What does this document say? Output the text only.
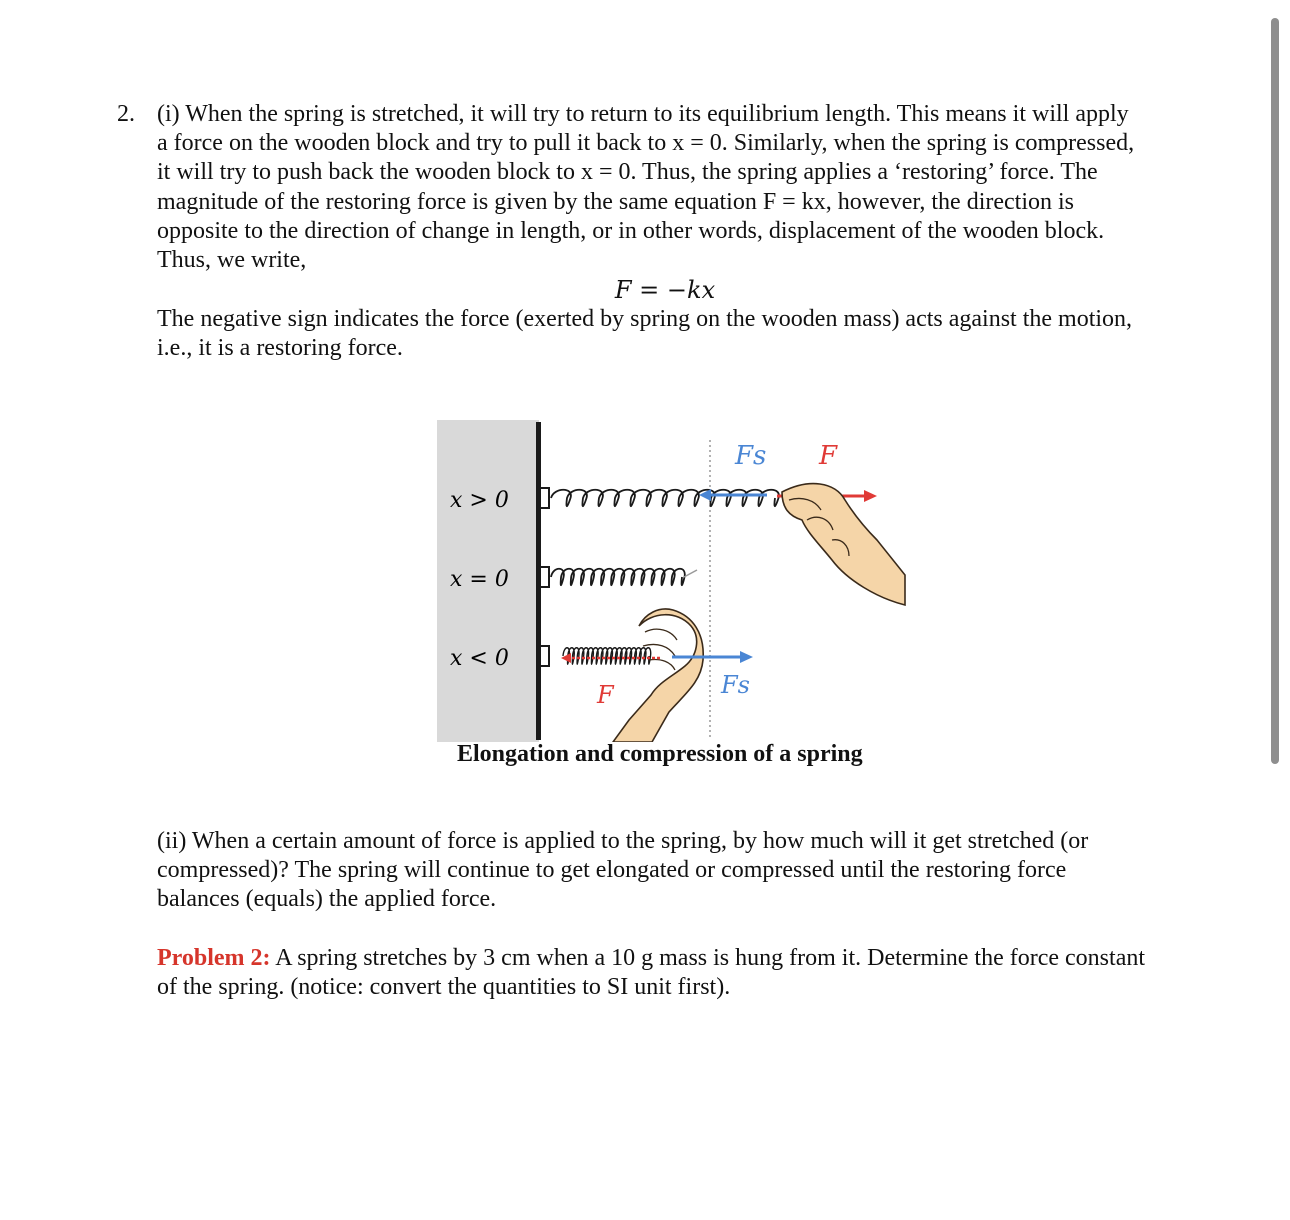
2. (i) When the spring is stretched, it will try to return to its equilibrium length. This means it will apply
a force on the wooden block and try to pull it back to x = 0. Similarly, when the spring is compressed,
it will try to push back the wooden block to x = 0. Thus, the spring applies a ‘restoring’ force. The
magnitude of the restoring force is given by the same equation F = kx, however, the direction is
opposite to the direction of change in length, or in other words, displacement of the wooden block.
Thus, we write,
F = −kx
The negative sign indicates the force (exerted by spring on the wooden mass) acts against the motion,
i.e., it is a restoring force.
x > 0
x = 0
x < 0
Fs F
F	Fs
Elongation and compression of a spring
(ii) When a certain amount of force is applied to the spring, by how much will it get stretched (or
compressed)? The spring will continue to get elongated or compressed until the restoring force
balances (equals) the applied force.
Problem 2: A spring stretches by 3 cm when a 10 g mass is hung from it. Determine the force constant
of the spring. (notice: convert the quantities to SI unit first).
